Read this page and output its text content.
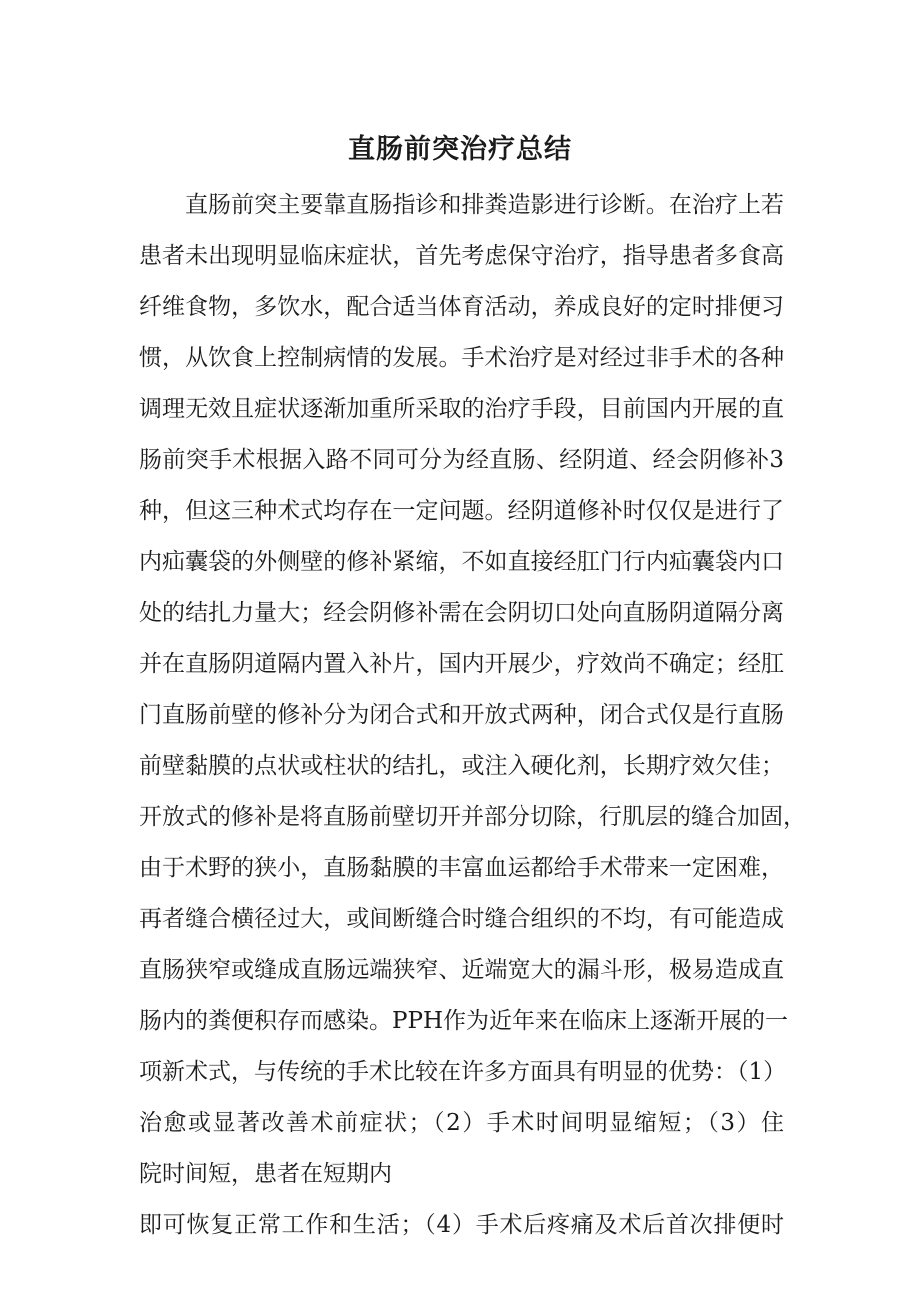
直肠前突治疗总结
直肠前突主要靠直肠指诊和排粪造影进行诊断。在治疗上若
患者未出现明显临床症状，首先考虑保守治疗，指导患者多食高
纤维食物，多饮水，配合适当体育活动，养成良好的定时排便习
惯，从饮食上控制病情的发展。手术治疗是对经过非手术的各种
调理无效且症状逐渐加重所采取的治疗手段，目前国内开展的直
肠前突手术根据入路不同可分为经直肠、经阴道、经会阴修补3
种，但这三种术式均存在一定问题。经阴道修补时仅仅是进行了
内疝囊袋的外侧壁的修补紧缩，不如直接经肛门行内疝囊袋内口
处的结扎力量大；经会阴修补需在会阴切口处向直肠阴道隔分离
并在直肠阴道隔内置入补片，国内开展少，疗效尚不确定；经肛
门直肠前壁的修补分为闭合式和开放式两种，闭合式仅是行直肠
前壁黏膜的点状或柱状的结扎，或注入硬化剂，长期疗效欠佳；
开放式的修补是将直肠前壁切开并部分切除，行肌层的缝合加固，
由于术野的狭小，直肠黏膜的丰富血运都给手术带来一定困难，
再者缝合横径过大，或间断缝合时缝合组织的不均，有可能造成
直肠狭窄或缝成直肠远端狭窄、近端宽大的漏斗形，极易造成直
肠内的粪便积存而感染。PPH作为近年来在临床上逐渐开展的一
项新术式，与传统的手术比较在许多方面具有明显的优势：（1）
治愈或显著改善术前症状；（2）手术时间明显缩短；（3）住
院时间短，患者在短期内
即可恢复正常工作和生活；（4）手术后疼痛及术后首次排便时
